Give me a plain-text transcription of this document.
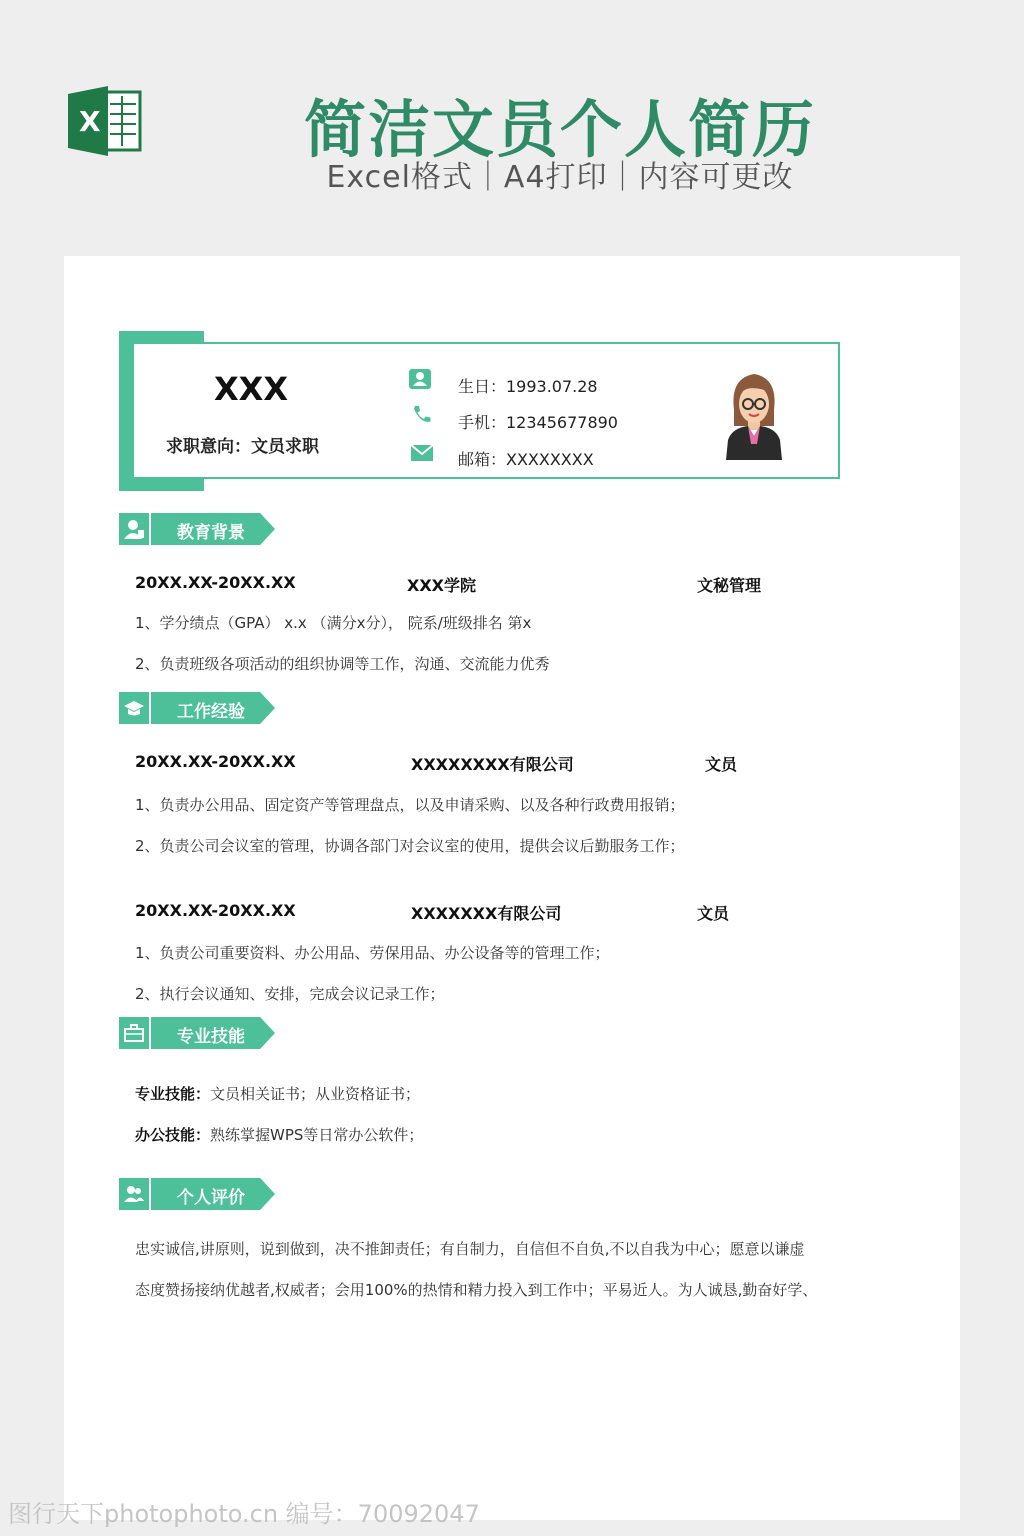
X	简洁文员个人简历
Excel格式｜A4打印｜内容可更改
XXX
求职意向：文员求职
生日：1993.07.28
手机：12345677890
邮箱：XXXXXXXX
教育背景
20XX.XX-20XX.XX	XXX学院	文秘管理
1、学分绩点（GPA） x.x （满分x分）， 院系/班级排名 第x
2、负责班级各项活动的组织协调等工作，沟通、交流能力优秀
工作经验
20XX.XX-20XX.XX	XXXXXXXX有限公司	文员
1、负责办公用品、固定资产等管理盘点，以及申请采购、以及各种行政费用报销；
2、负责公司会议室的管理，协调各部门对会议室的使用，提供会议后勤服务工作；
20XX.XX-20XX.XX	XXXXXXX有限公司	文员
1、负责公司重要资料、办公用品、劳保用品、办公设备等的管理工作；
2、执行会议通知、安排，完成会议记录工作；
专业技能
专业技能：文员相关证书；从业资格证书；
办公技能：熟练掌握WPS等日常办公软件；
个人评价
忠实诚信,讲原则，说到做到，决不推卸责任；有自制力，自信但不自负,不以自我为中心；愿意以谦虚
态度赞扬接纳优越者,权威者；会用100%的热情和精力投入到工作中；平易近人。为人诚恳,勤奋好学、
图行天下photophoto.cn 编号：70092047
